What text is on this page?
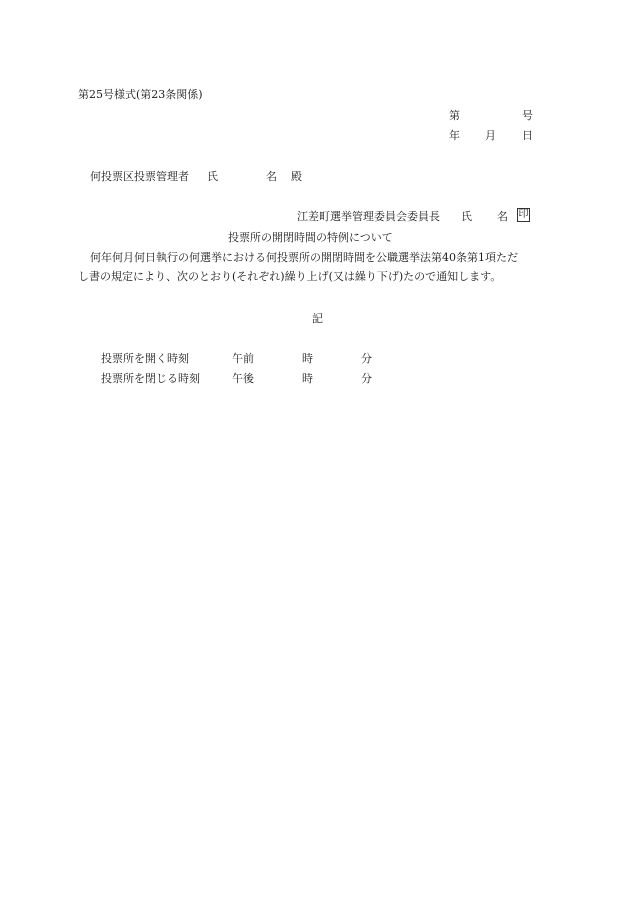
第25号様式(第23条関係)
第	号
年 月 日
何投票区投票管理者 氏	名 殿
江差町選挙管理委員会委員長 氏 名 印
投票所の開閉時間の特例について
何年何月何日執行の何選挙における何投票所の開閉時間を公職選挙法第40条第1項ただ
し書の規定により、次のとおり(それぞれ)繰り上げ(又は繰り下げ)たので通知します。
記
投票所を開く時刻	午前	時	分
投票所を閉じる時刻	午後	時	分
